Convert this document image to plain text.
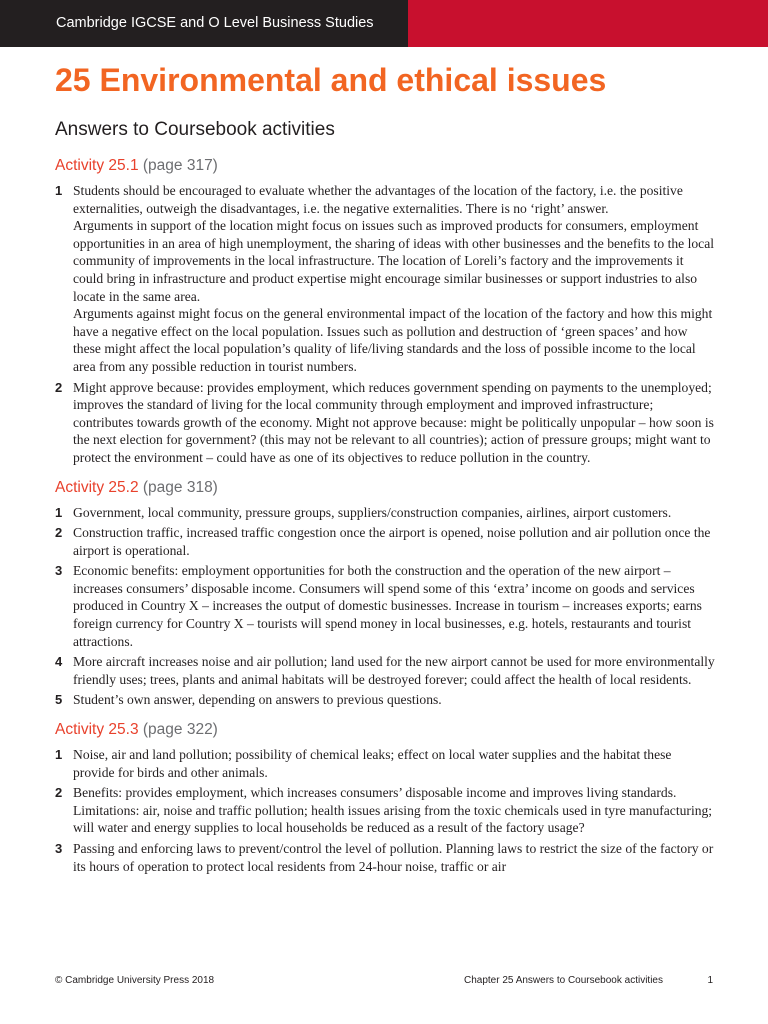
Cambridge IGCSE and O Level Business Studies
25 Environmental and ethical issues
Answers to Coursebook activities
Activity 25.1 (page 317)
1 Students should be encouraged to evaluate whether the advantages of the location of the factory, i.e. the positive externalities, outweigh the disadvantages, i.e. the negative externalities. There is no ‘right’ answer.

Arguments in support of the location might focus on issues such as improved products for consumers, employment opportunities in an area of high unemployment, the sharing of ideas with other businesses and the benefits to the local community of improvements in the local infrastructure. The location of Loreli’s factory and the improvements it could bring in infrastructure and product expertise might encourage similar businesses or support industries to also locate in the same area.

Arguments against might focus on the general environmental impact of the location of the factory and how this might have a negative effect on the local population. Issues such as pollution and destruction of ‘green spaces’ and how these might affect the local population’s quality of life/living standards and the loss of possible income to the local area from any possible reduction in tourist numbers.

2 Might approve because: provides employment, which reduces government spending on payments to the unemployed; improves the standard of living for the local community through employment and improved infrastructure; contributes towards growth of the economy. Might not approve because: might be politically unpopular – how soon is the next election for government? (this may not be relevant to all countries); action of pressure groups; might want to protect the environment – could have as one of its objectives to reduce pollution in the country.

Activity 25.2 (page 318)
1 Government, local community, pressure groups, suppliers/construction companies, airlines, airport customers.

2 Construction traffic, increased traffic congestion once the airport is opened, noise pollution and air pollution once the airport is operational.

3 Economic benefits: employment opportunities for both the construction and the operation of the new airport – increases consumers’ disposable income. Consumers will spend some of this ‘extra’ income on goods and services produced in Country X – increases the output of domestic businesses. Increase in tourism – increases exports; earns foreign currency for Country X – tourists will spend money in local businesses, e.g. hotels, restaurants and tourist attractions.

4 More aircraft increases noise and air pollution; land used for the new airport cannot be used for more environmentally friendly uses; trees, plants and animal habitats will be destroyed forever; could affect the health of local residents.

5 Student’s own answer, depending on answers to previous questions.

Activity 25.3 (page 322)
1 Noise, air and land pollution; possibility of chemical leaks; effect on local water supplies and the habitat these provide for birds and other animals.

2 Benefits: provides employment, which increases consumers’ disposable income and improves living standards. Limitations: air, noise and traffic pollution; health issues arising from the toxic chemicals used in tyre manufacturing; will water and energy supplies to local households be reduced as a result of the factory usage?

3 Passing and enforcing laws to prevent/control the level of pollution. Planning laws to restrict the size of the factory or its hours of operation to protect local residents from 24-hour noise, traffic or air

© Cambridge University Press 2018	Chapter 25 Answers to Coursebook activities	1
